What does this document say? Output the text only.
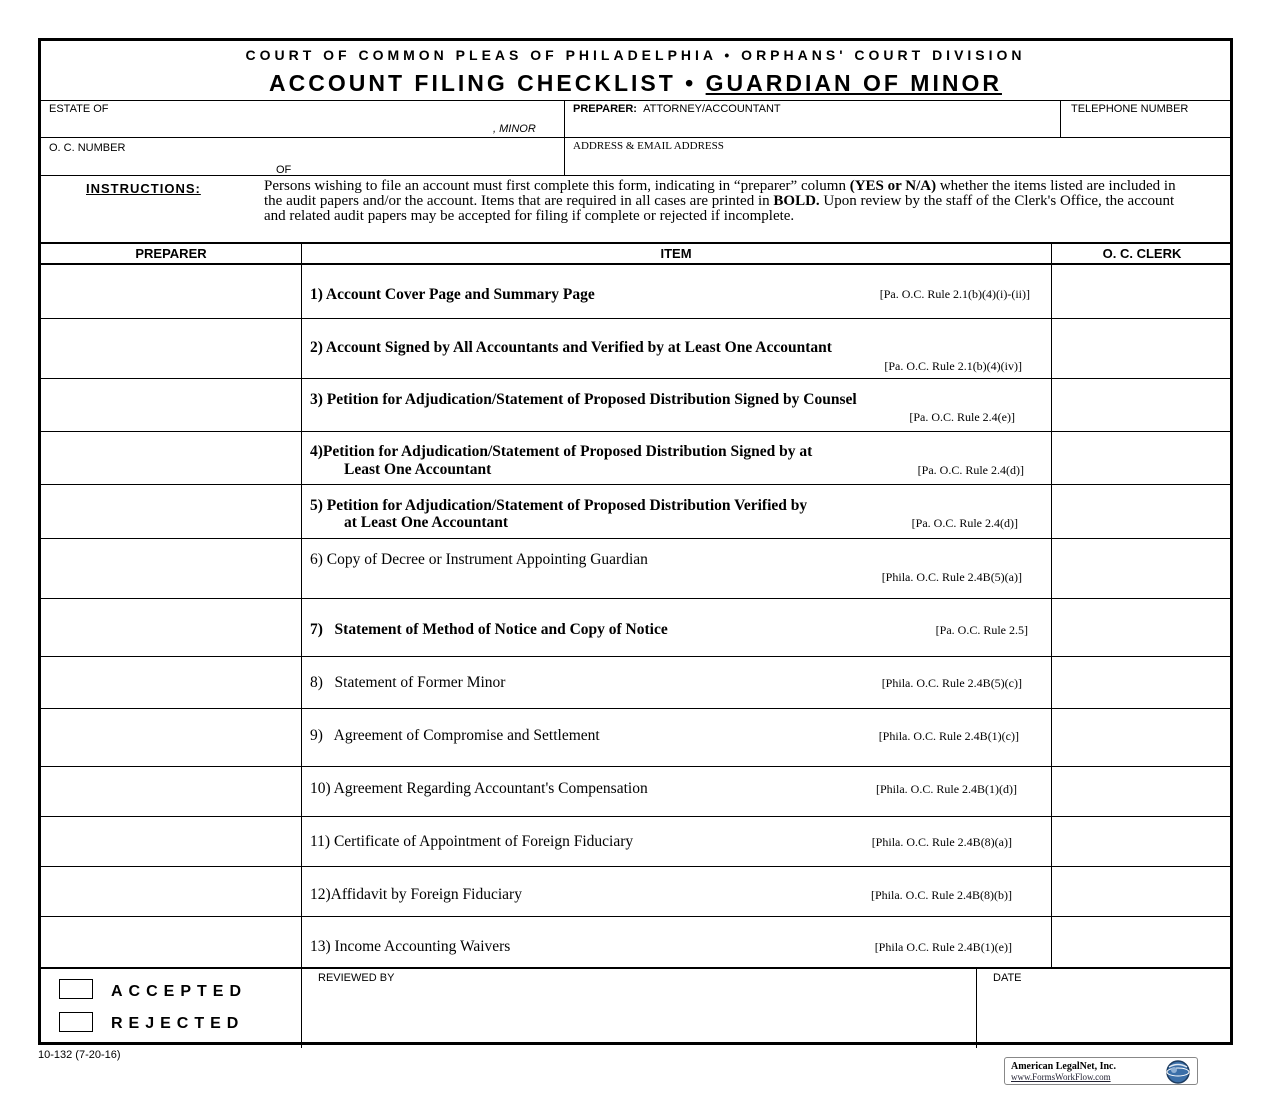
COURT OF COMMON PLEAS OF PHILADELPHIA • ORPHANS' COURT DIVISION
ACCOUNT FILING CHECKLIST • GUARDIAN OF MINOR
ESTATE OF
, MINOR
PREPARER: ATTORNEY/ACCOUNTANT	TELEPHONE NUMBER
O. C. NUMBER
OF
ADDRESS & EMAIL ADDRESS
INSTRUCTIONS:	Persons wishing to file an account must first complete this form, indicating in “preparer” column (YES or N/A) whether the items listed are included in the audit papers and/or the account. Items that are required in all cases are printed in BOLD. Upon review by the staff of the Clerk's Office, the account and related audit papers may be accepted for filing if complete or rejected if incomplete.
PREPARER	ITEM	O. C. CLERK
1) Account Cover Page and Summary Page	[Pa. O.C. Rule 2.1(b)(4)(i)-(ii)]
2) Account Signed by All Accountants and Verified by at Least One Accountant
[Pa. O.C. Rule 2.1(b)(4)(iv)]
3) Petition for Adjudication/Statement of Proposed Distribution Signed by Counsel
[Pa. O.C. Rule 2.4(e)]
4)Petition for Adjudication/Statement of Proposed Distribution Signed by at
Least One Accountant	[Pa. O.C. Rule 2.4(d)]
5) Petition for Adjudication/Statement of Proposed Distribution Verified by
at Least One Accountant	[Pa. O.C. Rule 2.4(d)]
6) Copy of Decree or Instrument Appointing Guardian
[Phila. O.C. Rule 2.4B(5)(a)]
7)   Statement of Method of Notice and Copy of Notice	[Pa. O.C. Rule 2.5]
8)   Statement of Former Minor	[Phila. O.C. Rule 2.4B(5)(c)]
9)   Agreement of Compromise and Settlement	[Phila. O.C. Rule 2.4B(1)(c)]
10) Agreement Regarding Accountant's Compensation	[Phila. O.C. Rule 2.4B(1)(d)]
11) Certificate of Appointment of Foreign Fiduciary	[Phila. O.C. Rule 2.4B(8)(a)]
12)Affidavit by Foreign Fiduciary	[Phila. O.C. Rule 2.4B(8)(b)]
13) Income Accounting Waivers	[Phila O.C. Rule 2.4B(1)(e)]
ACCEPTED
REJECTED
REVIEWED BY	DATE
10-132 (7-20-16)
American LegalNet, Inc.
www.FormsWorkFlow.com
